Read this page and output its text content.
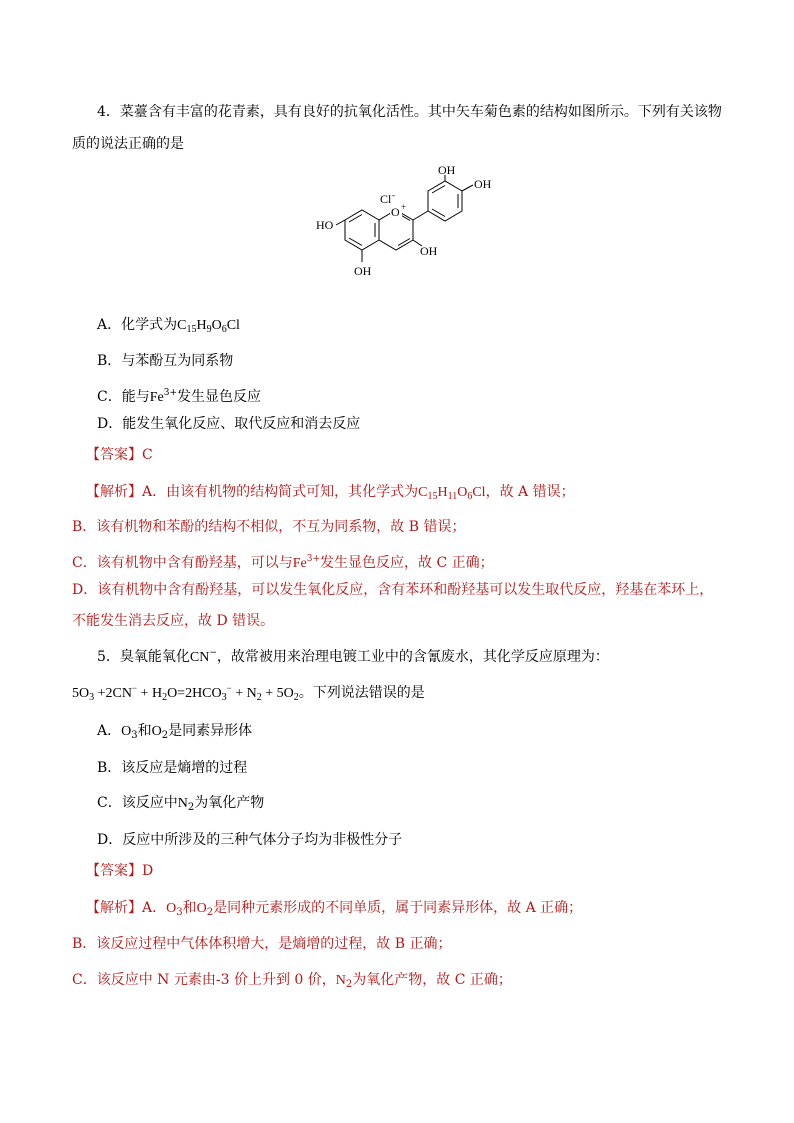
4．菜薹含有丰富的花青素，具有良好的抗氧化活性。其中矢车菊色素的结构如图所示。下列有关该物
质的说法正确的是
OH
OH
HO
OH
OH
Cl -
O +
A．化学式为$C_{15}H_9O_6Cl$
B．与苯酚互为同系物
C．能与$Fe^{3+}$发生显色反应
D．能发生氧化反应、取代反应和消去反应
【答案】C
【解析】A．由该有机物的结构简式可知，其化学式为$C_{15}H_{11}O_6Cl$，故 A 错误；
B．该有机物和苯酚的结构不相似，不互为同系物，故 B 错误；
C．该有机物中含有酚羟基，可以与$Fe^{3+}$发生显色反应，故 C 正确；
D．该有机物中含有酚羟基，可以发生氧化反应，含有苯环和酚羟基可以发生取代反应，羟基在苯环上，
不能发生消去反应，故 D 错误。
5．臭氧能氧化CN−，故常被用来治理电镀工业中的含氰废水，其化学反应原理为：
$5O_3 +2CN^- + H_2O=2HCO_3^- + N_2 + 5O_2$。下列说法错误的是
A．$O_3$和$O_2$是同素异形体
B．该反应是熵增的过程
C．该反应中$N_2$为氧化产物
D．反应中所涉及的三种气体分子均为非极性分子
【答案】D
【解析】A．$O_3$和$O_2$是同种元素形成的不同单质，属于同素异形体，故 A 正确；
B．该反应过程中气体体积增大，是熵增的过程，故 B 正确；
C．该反应中 N 元素由-3 价上升到 0 价，$N_2$为氧化产物，故 C 正确；
